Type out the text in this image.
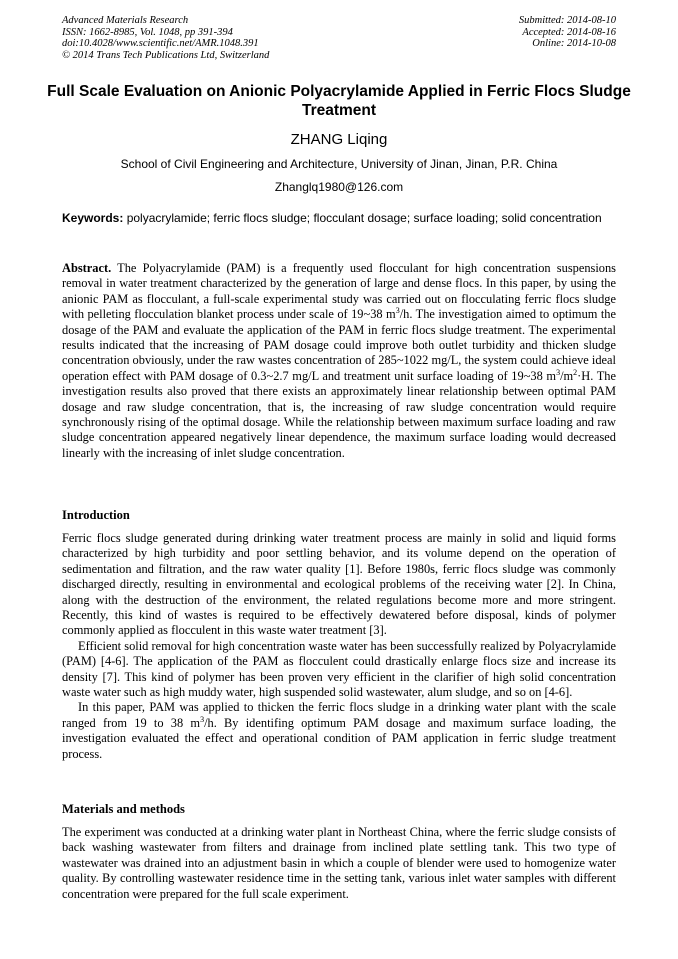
Advanced Materials Research
ISSN: 1662-8985, Vol. 1048, pp 391-394
doi:10.4028/www.scientific.net/AMR.1048.391
© 2014 Trans Tech Publications Ltd, Switzerland
Submitted: 2014-08-10
Accepted: 2014-08-16
Online: 2014-10-08
Full Scale Evaluation on Anionic Polyacrylamide Applied in Ferric Flocs Sludge Treatment
ZHANG Liqing
School of Civil Engineering and Architecture, University of Jinan, Jinan, P.R. China
Zhanglq1980@126.com
Keywords: polyacrylamide; ferric flocs sludge; flocculant dosage; surface loading; solid concentration
Abstract. The Polyacrylamide (PAM) is a frequently used flocculant for high concentration suspensions removal in water treatment characterized by the generation of large and dense flocs. In this paper, by using the anionic PAM as flocculant, a full-scale experimental study was carried out on flocculating ferric flocs sludge with pelleting flocculation blanket process under scale of 19~38 $m^3/h$. The investigation aimed to optimum the dosage of the PAM and evaluate the application of the PAM in ferric flocs sludge treatment. The experimental results indicated that the increasing of PAM dosage could improve both outlet turbidity and thicken sludge concentration obviously, under the raw wastes concentration of 285~1022 mg/L, the system could achieve ideal operation effect with PAM dosage of 0.3~2.7 mg/L and treatment unit surface loading of 19~38 $m^3/m^2\cdot H$. The investigation results also proved that there exists an approximately linear relationship between optimal PAM dosage and raw sludge concentration, that is, the increasing of raw sludge concentration would require synchronously rising of the optimal dosage. While the relationship between maximum surface loading and raw sludge concentration appeared negatively linear dependence, the maximum surface loading would decreased linearly with the increasing of inlet sludge concentration.
Introduction

Ferric flocs sludge generated during drinking water treatment process are mainly in solid and liquid forms characterized by high turbidity and poor settling behavior, and its volume depend on the operation of sedimentation and filtration, and the raw water quality [1]. Before 1980s, ferric flocs sludge was commonly discharged directly, resulting in environmental and ecological problems of the receiving water [2]. In China, along with the destruction of the environment, the related regulations become more and more stringent. Recently, this kind of wastes is required to be effectively dewatered before disposal, kinds of polymer commonly applied as flocculent in this waste water treatment [3].

Efficient solid removal for high concentration waste water has been successfully realized by Polyacrylamide (PAM) [4-6]. The application of the PAM as flocculent could drastically enlarge flocs size and increase its density [7]. This kind of polymer has been proven very efficient in the clarifier of high solid concentration waste water such as high muddy water, high suspended solid wastewater, alum sludge, and so on [4-6].

In this paper, PAM was applied to thicken the ferric flocs sludge in a drinking water plant with the scale ranged from 19 to 38 $m^3/h$. By identifing optimum PAM dosage and maximum surface loading, the investigation evaluated the effect and operational condition of PAM application in ferric sludge treatment process.

Materials and methods

The experiment was conducted at a drinking water plant in Northeast China, where the ferric sludge consists of back washing wastewater from filters and drainage from inclined plate settling tank. This two type of wastewater was drained into an adjustment basin in which a couple of blender were used to homogenize water quality. By controlling wastewater residence time in the setting tank, various inlet water samples with different concentration were prepared for the full scale experiment.
